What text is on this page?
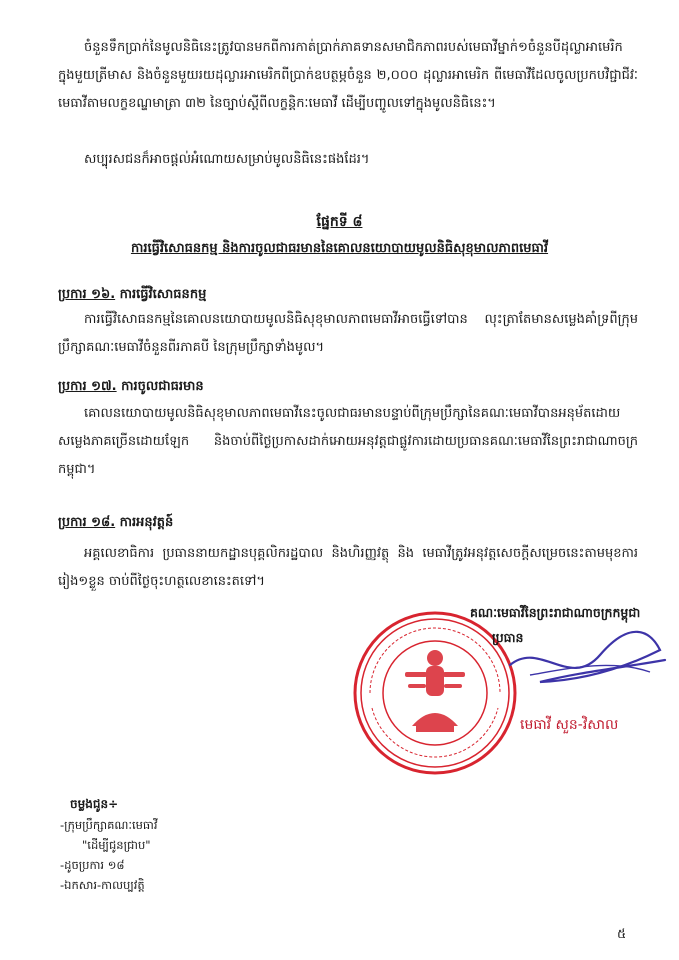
ចំនួនទឹកប្រាក់នៃមូលនិធិនេះត្រូវបានមកពីការកាត់ប្រាក់ភាគទានសមាជិកភាពរបស់មេធាវីម្នាក់១ចំនួនបីដុល្លាអាមេរិកក្នុងមួយត្រីមាស និងចំនួនមួយរយដុល្លារអាមេរិកពីប្រាក់ឧបត្ថម្ភចំនួន ២,០០០ ដុល្លារអាមេរិក ពីមេធាវីដែលចូលប្រកបវិជ្ជាជីវៈមេធាវីតាមលក្ខខណ្ឌមាត្រា ៣២ នៃច្បាប់ស្តីពីលក្ខន្តិកៈមេធាវី ដើម្បីបញ្ចូលទៅក្នុងមូលនិធិនេះ។
សប្បុរសជនក៏អាចផ្តល់អំណោយសម្រាប់មូលនិធិនេះផងដែរ។
ផ្នែកទី ៨
ការធ្វើវិសោធនកម្ម និងការចូលជាធរមាននៃគោលនយោបាយមូលនិធិសុខុមាលភាពមេធាវី
ប្រការ ១៦. ការធ្វើវិសោធនកម្ម
ការធ្វើវិសោធនកម្មនៃគោលនយោបាយមូលនិធិសុខុមាលភាពមេធាវីអាចធ្វើទៅបាន លុះត្រាតែមានសម្លេងគាំទ្រពីក្រុមប្រឹក្សាគណៈមេធាវីចំនួនពីរភាគបី នៃក្រុមប្រឹក្សាទាំងមូល។
ប្រការ ១៧. ការចូលជាធរមាន
គោលនយោបាយមូលនិធិសុខុមាលភាពមេធាវីនេះចូលជាធរមានបន្ទាប់ពីក្រុមប្រឹក្សានៃគណៈមេធាវីបានអនុម័តដោយសម្លេងភាគច្រើនដោយឡែក និងចាប់ពីថ្ងៃប្រកាសដាក់អោយអនុវត្តជាផ្លូវការដោយប្រធានគណៈមេធាវីនៃព្រះរាជាណាចក្រកម្ពុជា។
ប្រការ ១៨. ការអនុវត្តន៍
អគ្គលេខាធិការ ប្រធាននាយកដ្ឋានបុគ្គលិករដ្ឋបាល និងហិរញ្ញវត្ថុ និង មេធាវីត្រូវអនុវត្តសេចក្តីសម្រេចនេះតាមមុខការរៀង១ខ្លួន ចាប់ពីថ្ងៃចុះហត្ថលេខានេះតទៅ។
គណៈមេធាវីនៃព្រះរាជាណាចក្រកម្ពុជា
ប្រធាន
មេធាវី សួន-វិសាល
ចម្លងជូន÷
-ក្រុមប្រឹក្សាគណៈមេធាវី
"ដើម្បីជូនជ្រាប"
-ដូចប្រការ ១៨
-ឯកសារ-កាលប្បវត្តិ
៥
